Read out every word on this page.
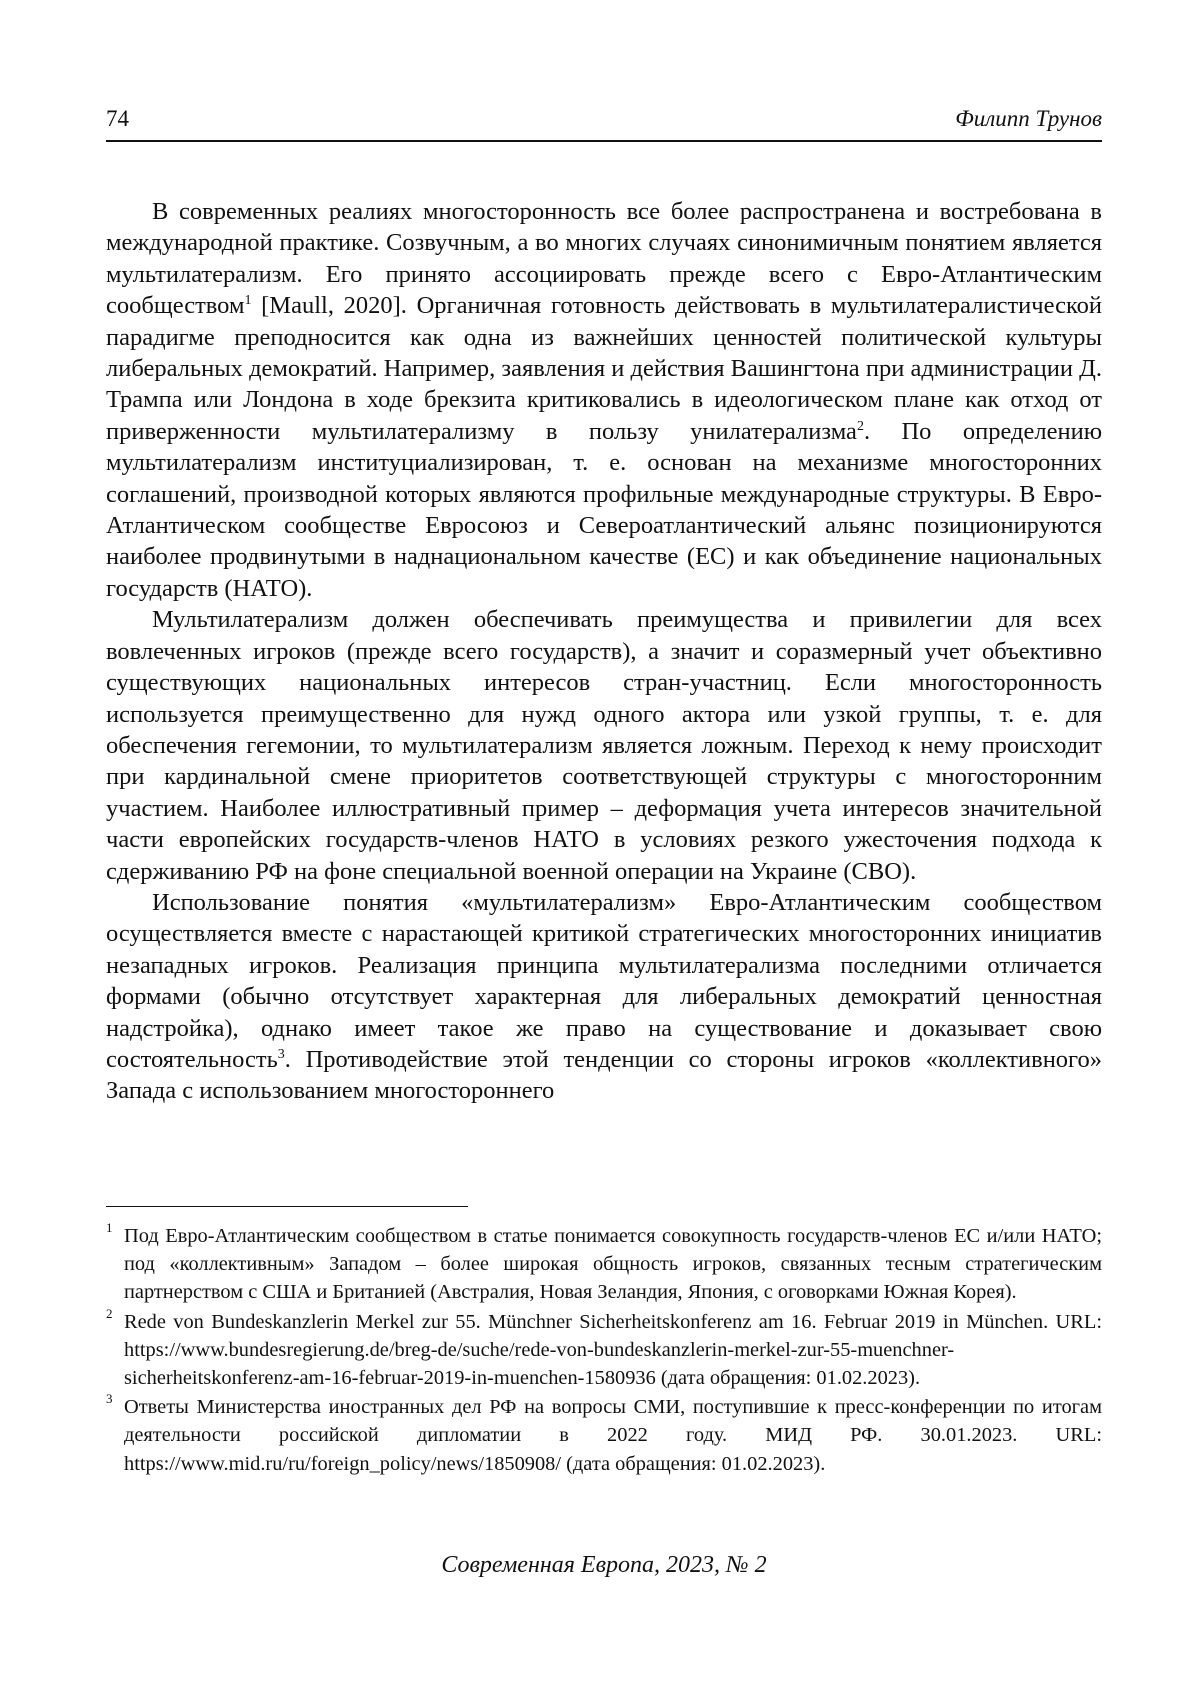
74	Филипп Трунов

В современных реалиях многосторонность все более распространена и востребована в международной практике. Созвучным, а во многих случаях синонимичным понятием является мультилатерализм. Его принято ассоциировать прежде всего с Евро-Атлантическим сообществом$^1$ [Maull, 2020]. Органичная готовность действовать в мультилатералистической парадигме преподносится как одна из важнейших ценностей политической культуры либеральных демократий. Например, заявления и действия Вашингтона при администрации Д. Трампа или Лондона в ходе брекзита критиковались в идеологическом плане как отход от приверженности мультилатерализму в пользу унилатерализма$^2$. По определению мультилатерализм институциализирован, т. е. основан на механизме многосторонних соглашений, производной которых являются профильные международные структуры. В Евро-Атлантическом сообществе Евросоюз и Североатлантический альянс позиционируются наиболее продвинутыми в наднациональном качестве (ЕС) и как объединение национальных государств (НАТО).

Мультилатерализм должен обеспечивать преимущества и привилегии для всех вовлеченных игроков (прежде всего государств), а значит и соразмерный учет объективно существующих национальных интересов стран-участниц. Если многосторонность используется преимущественно для нужд одного актора или узкой группы, т. е. для обеспечения гегемонии, то мультилатерализм является ложным. Переход к нему происходит при кардинальной смене приоритетов соответствующей структуры с многосторонним участием. Наиболее иллюстративный пример – деформация учета интересов значительной части европейских государств-членов НАТО в условиях резкого ужесточения подхода к сдерживанию РФ на фоне специальной военной операции на Украине (СВО).

Использование понятия «мультилатерализм» Евро-Атлантическим сообществом осуществляется вместе с нарастающей критикой стратегических многосторонних инициатив незападных игроков. Реализация принципа мультилатерализма последними отличается формами (обычно отсутствует характерная для либеральных демократий ценностная надстройка), однако имеет такое же право на существование и доказывает свою состоятельность$^3$. Противодействие этой тенденции со стороны игроков «коллективного» Запада с использованием многостороннего

1 Под Евро-Атлантическим сообществом в статье понимается совокупность государств-членов ЕС и/или НАТО; под «коллективным» Западом – более широкая общность игроков, связанных тесным стратегическим партнерством с США и Британией (Австралия, Новая Зеландия, Япония, с оговорками Южная Корея).

2 Rede von Bundeskanzlerin Merkel zur 55. Münchner Sicherheitskonferenz am 16. Februar 2019 in München. URL: https://www.bundesregierung.de/breg-de/suche/rede-von-bundeskanzlerin-merkel-zur-55-muenchner-sicherheitskonferenz-am-16-februar-2019-in-muenchen-1580936 (дата обращения: 01.02.2023).

3 Ответы Министерства иностранных дел РФ на вопросы СМИ, поступившие к пресс-конференции по итогам деятельности российской дипломатии в 2022 году. МИД РФ. 30.01.2023. URL: https://www.mid.ru/ru/foreign_policy/news/1850908/ (дата обращения: 01.02.2023).

Современная Европа, 2023, № 2
